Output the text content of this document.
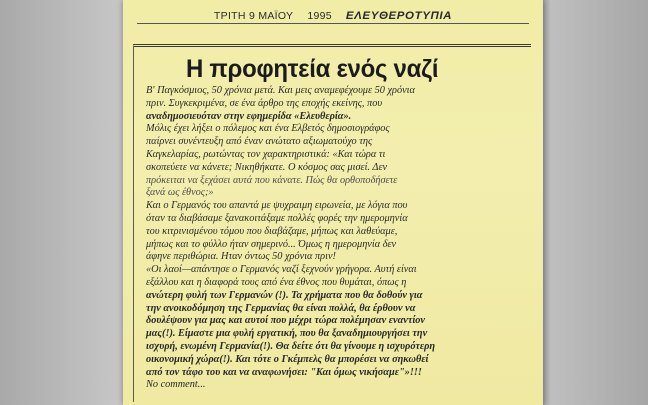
ΤΡΙΤΗ 9 ΜΑΪΟΥ 1995 ΕΛΕΥΘΕΡΟΤΥΠΙΑ
Η προφητεία ενός ναζί

Β' Παγκόσμιος, 50 χρόνια μετά. Και μεις αναμεφέχουμε 50 χρόνια
πριν. Συγκεκριμένα, σε ένα άρθρο της εποχής εκείνης, που
αναδημοσιευόταν στην εφημερίδα «Ελευθερία».

Μόλις έχει λήξει ο πόλεμος και ένα Ελβετός δημοσιογράφος
παίρνει συνέντευξη από έναν ανώτατο αξιωματούχο της
Καγκελαρίας, ρωτώντας τον χαρακτηριστικά: «Και τώρα τι
σκοπεύετε να κάνετε; Νικηθήκατε. Ο κόσμος σας μισεί. Δεν
πρόκειται να ξεχάσει αυτά που κάνατε. Πώς θα ορθοποδήσετε
ξανά ως έθνος;»

Και ο Γερμανός του απαντά με ψυχραιμη ειρωνεία, με λόγια που
όταν τα διαβάσαμε ξανακοιτάξαμε πολλές φορές την ημερομηνία
του κιτρινισμένου τόμου που διαβάζαμε, μήπως και λαθεύαμε,
μήπως και το φύλλο ήταν σημερινό... Όμως η ημερομηνία δεν
άφηνε περιθώρια. Ηταν όντως 50 χρόνια πριν!

«Οι λαοί—απάντησε ο Γερμανός ναζί ξεχνούν γρήγορα. Αυτή είναι
εξάλλου και η διαφορά τους από ένα έθνος που θυμάται, όπως η
ανώτερη φυλή των Γερμανών (!). Τα χρήματα που θα δοθούν για
την ανοικοδόμηση της Γερμανίας θα είναι πολλά, θα έρθουν να
δουλέψουν για μας και αυτοί που μέχρι τώρα πολέμησαν εναντίον
μας(!). Είμαστε μια φυλή εργατική, που θα ξαναδημιουργήσει την
ισχυρή, ενωμένη Γερμανία(!). Θα δείτε ότι θα γίνουμε η ισχυρότερη
οικονομική χώρα(!). Και τότε ο Γκέμπελς θα μπορέσει να σηκωθεί
από τον τάφο του και να αναφωνήσει: "Και όμως νικήσαμε"»!!!

No comment...
